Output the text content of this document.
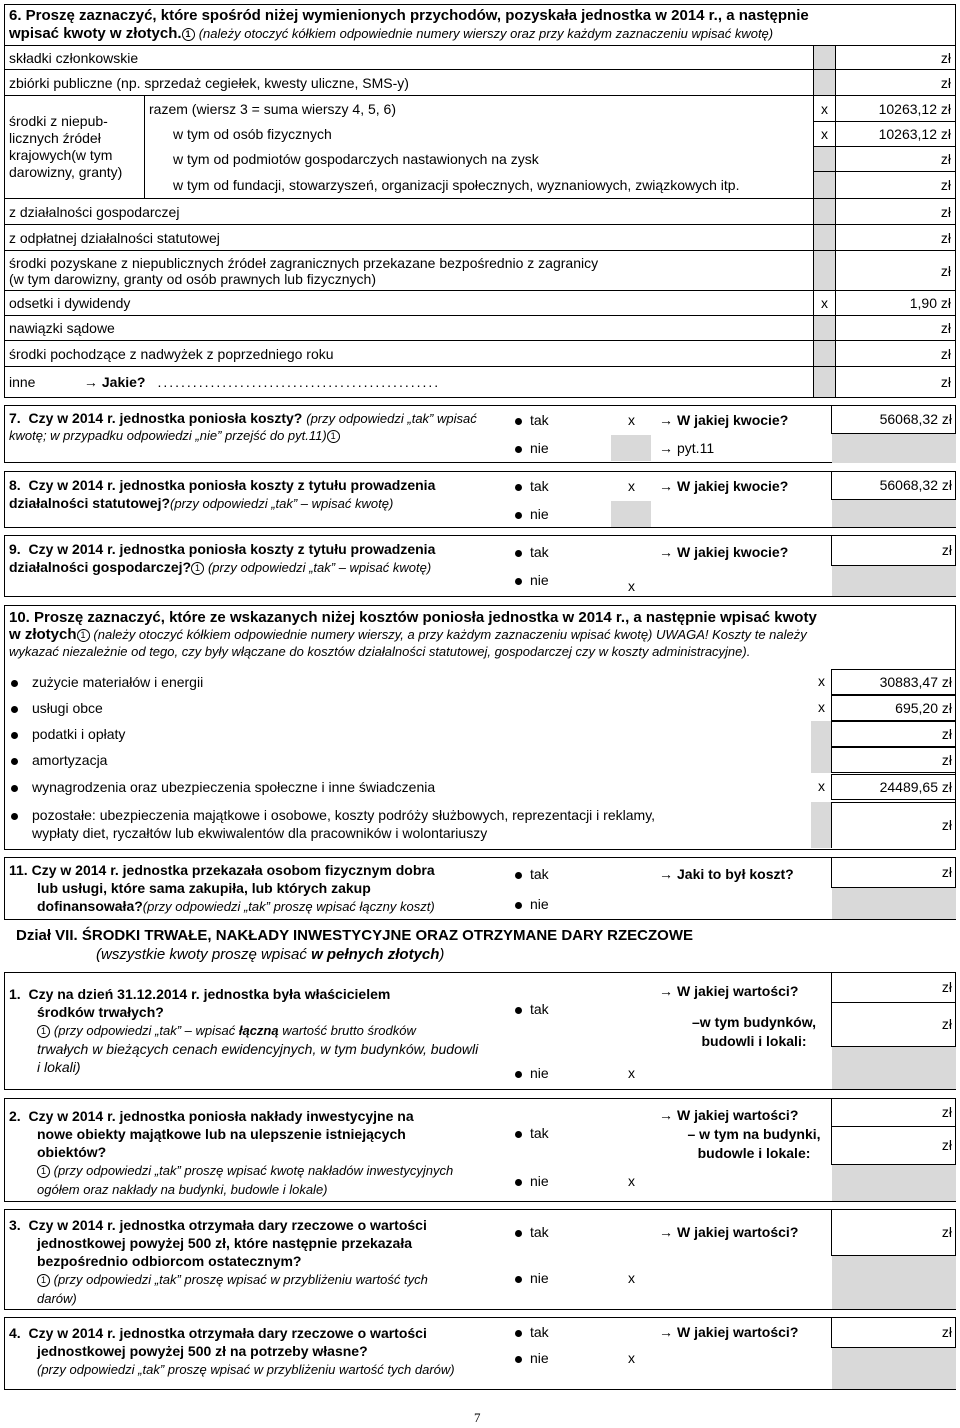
6. Proszę zaznaczyć, które spośród niżej wymienionych przychodów, pozyskała jednostka w 2014 r., a następnie
wpisać kwoty w złotych. 1 (należy otoczyć kółkiem odpowiednie numery wierszy oraz przy każdym zaznaczeniu wpisać kwotę)
składki członkowskie			zł
zbiórki publiczne (np. sprzedaż cegiełek, kwesty uliczne, SMS-y)			zł
środki z niepub-licznych źródeł krajowych(w tym darowizny, granty)	razem (wiersz 3 = suma wierszy 4, 5, 6)	x	10263,12 zł
	w tym od osób fizycznych	x	10263,12 zł
	w tym od podmiotów gospodarczych nastawionych na zysk		zł
	w tym od fundacji, stowarzyszeń, organizacji społecznych, wyznaniowych, związkowych itp.		zł
z działalności gospodarczej			zł
z odpłatnej działalności statutowej			zł

środki pozyskane z niepublicznych źródeł zagranicznych przekazane bezpośrednio z zagranicy
(w tym darowizny, granty od osób prawnych lub fizycznych)			zł
odsetki i dywidendy		x	1,90 zł
nawiązki sądowe			zł
środki pochodzące z nadwyżek z poprzedniego roku			zł
inne → Jakie? ................................................			zł
7. Czy w 2014 r. jednostka poniosła koszty? (przy odpowiedzi „tak” wpisać kwotę; w przypadku odpowiedzi „nie” przejść do pyt.11) 1
tak	x
nie
→ W jakiej kwocie?
→ pyt.11
56068,32 zł
8. Czy w 2014 r. jednostka poniosła koszty z tytułu prowadzenia
działalności statutowej?(przy odpowiedzi „tak” – wpisać kwotę)
tak	x
nie
→ W jakiej kwocie?	56068,32 zł
9. Czy w 2014 r. jednostka poniosła koszty z tytułu prowadzenia
działalności gospodarczej? 1 (przy odpowiedzi „tak” – wpisać kwotę)
tak
nie	x
→ W jakiej kwocie?	zł
10. Proszę zaznaczyć, które ze wskazanych niżej kosztów poniosła jednostka w 2014 r., a następnie wpisać kwoty
w złotych 1 (należy otoczyć kółkiem odpowiednie numery wierszy, a przy każdym zaznaczeniu wpisać kwotę) UWAGA! Koszty te należy
wykazać niezależnie od tego, czy były włączane do kosztów działalności statutowej, gospodarczej czy w koszty administracyjne).
zużycie materiałów i energii	x	30883,47 zł
usługi obce	x	695,20 zł
podatki i opłaty	zł
amortyzacja	zł
wynagrodzenia oraz ubezpieczenia społeczne i inne świadczenia	x	24489,65 zł
pozostałe: ubezpieczenia majątkowe i osobowe, koszty podróży służbowych, reprezentacji i reklamy,
wypłaty diet, ryczałtów lub ekwiwalentów dla pracowników i wolontariuszy	zł
11. Czy w 2014 r. jednostka przekazała osobom fizycznym dobra
lub usługi, które sama zakupiła, lub których zakup
dofinansowała?(przy odpowiedzi „tak” proszę wpisać łączny koszt)
tak
nie
→ Jaki to był koszt?	zł
Dział VII. ŚRODKI TRWAŁE, NAKŁADY INWESTYCYJNE ORAZ OTRZYMANE DARY RZECZOWE
(wszystkie kwoty proszę wpisać w pełnych złotych)
1. Czy na dzień 31.12.2014 r. jednostka była właścicielem
środków trwałych?
1 (przy odpowiedzi „tak” – wpisać łączną wartość brutto środków
trwałych w bieżących cenach ewidencyjnych, w tym budynków, budowli
i lokali)
tak
nie	x
→ W jakiej wartości?
–w tym budynków,
budowli i lokali:
zł
zł
2. Czy w 2014 r. jednostka poniosła nakłady inwestycyjne na
nowe obiekty majątkowe lub na ulepszenie istniejących
obiektów?
1 (przy odpowiedzi „tak” proszę wpisać kwotę nakładów inwestycyjnych
ogółem oraz nakłady na budynki, budowle i lokale)
tak
nie	x
→ W jakiej wartości?
– w tym na budynki,
budowle i lokale:
zł
zł
3. Czy w 2014 r. jednostka otrzymała dary rzeczowe o wartości
jednostkowej powyżej 500 zł, które następnie przekazała
bezpośrednio odbiorcom ostatecznym?
1 (przy odpowiedzi „tak” proszę wpisać w przybliżeniu wartość tych
darów)
tak
nie	x
→ W jakiej wartości?	zł
4. Czy w 2014 r. jednostka otrzymała dary rzeczowe o wartości
jednostkowej powyżej 500 zł na potrzeby własne?
(przy odpowiedzi „tak” proszę wpisać w przybliżeniu wartość tych darów)
tak
nie	x
→ W jakiej wartości?	zł
7
